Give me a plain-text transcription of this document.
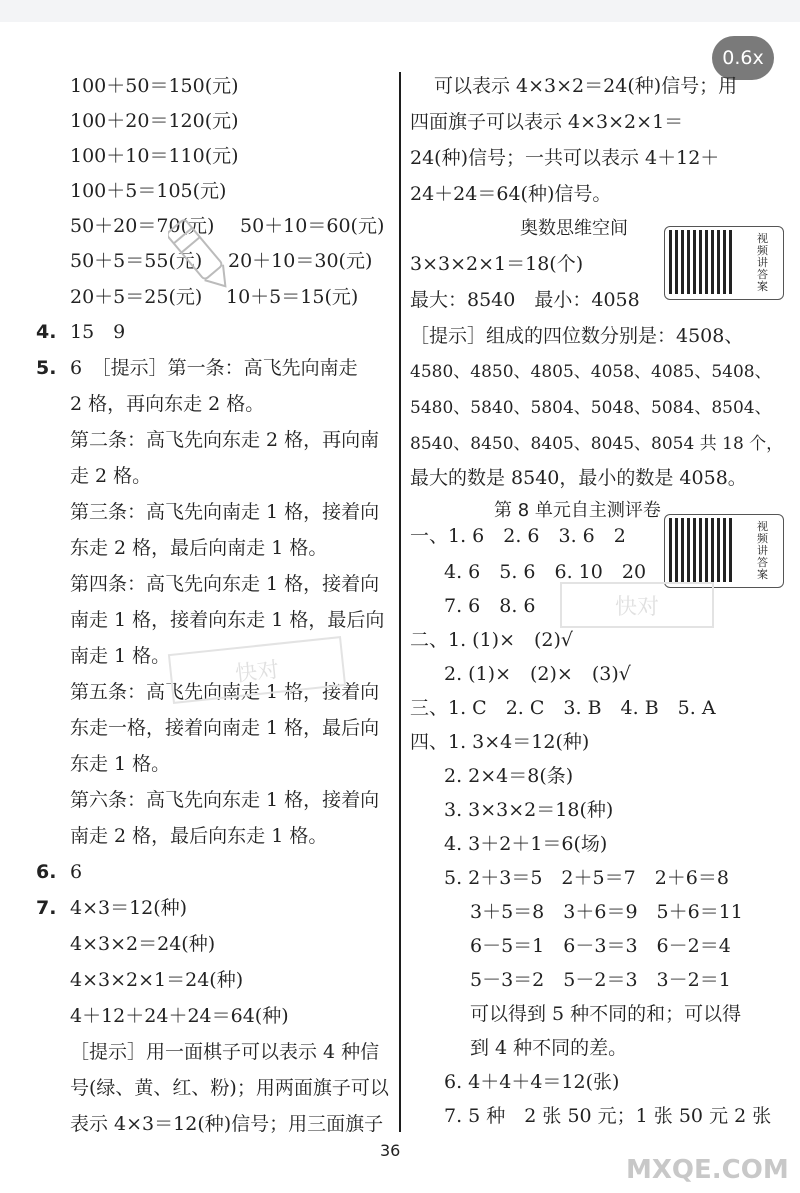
0.6x
100＋50＝150(元)
100＋20＝120(元)
100＋10＝110(元)
100＋5＝105(元)
50＋20＝70(元) 50＋10＝60(元)
50＋5＝55(元) 20＋10＝30(元)
20＋5＝25(元) 10＋5＝15(元)
4. 15　9
5. 6　［提示］第一条：高飞先向南走
2 格，再向东走 2 格。
第二条：高飞先向东走 2 格，再向南
走 2 格。
第三条：高飞先向南走 1 格，接着向
东走 2 格，最后向南走 1 格。
第四条：高飞先向东走 1 格，接着向
南走 1 格，接着向东走 1 格，最后向
南走 1 格。
第五条：高飞先向南走 1 格，接着向
东走一格，接着向南走 1 格，最后向
东走 1 格。
第六条：高飞先向东走 1 格，接着向
南走 2 格，最后向东走 1 格。
快对
6. 6
7. 4×3＝12(种)
4×3×2＝24(种)
4×3×2×1＝24(种)
4＋12＋24＋24＝64(种)
［提示］用一面棋子可以表示 4 种信
号(绿、黄、红、粉)；用两面旗子可以
表示 4×3＝12(种)信号；用三面旗子
可以表示 4×3×2＝24(种)信号；用
四面旗子可以表示 4×3×2×1＝
24(种)信号；一共可以表示 4＋12＋
24＋24＝64(种)信号。
奥数思维空间	视频讲答案
3×3×2×1＝18(个)
最大：8540　最小：4058
［提示］组成的四位数分别是：4508、
4580、4850、4805、4058、4085、5408、
5480、5840、5804、5048、5084、8504、
8540、8450、8405、8045、8054 共 18 个，
最大的数是 8540，最小的数是 4058。
第 8 单元自主测评卷
视频讲答案
一、1. 6　2. 6　3. 6　2
4. 6　5. 6　6. 10　20
7. 6　8. 6	快对
二、1. (1)×　(2)√
2. (1)×　(2)×　(3)√
三、1. C　2. C　3. B　4. B　5. A
四、1. 3×4＝12(种)
2. 2×4＝8(条)
3. 3×3×2＝18(种)
4. 3＋2＋1＝6(场)
5. 2＋3＝5　2＋5＝7　2＋6＝8
3＋5＝8　3＋6＝9　5＋6＝11
6－5＝1　6－3＝3　6－2＝4
5－3＝2　5－2＝3　3－2＝1
可以得到 5 种不同的和；可以得
到 4 种不同的差。
6. 4＋4＋4＝12(张)
7. 5 种　2 张 50 元；1 张 50 元 2 张
36
MXQE.COM
